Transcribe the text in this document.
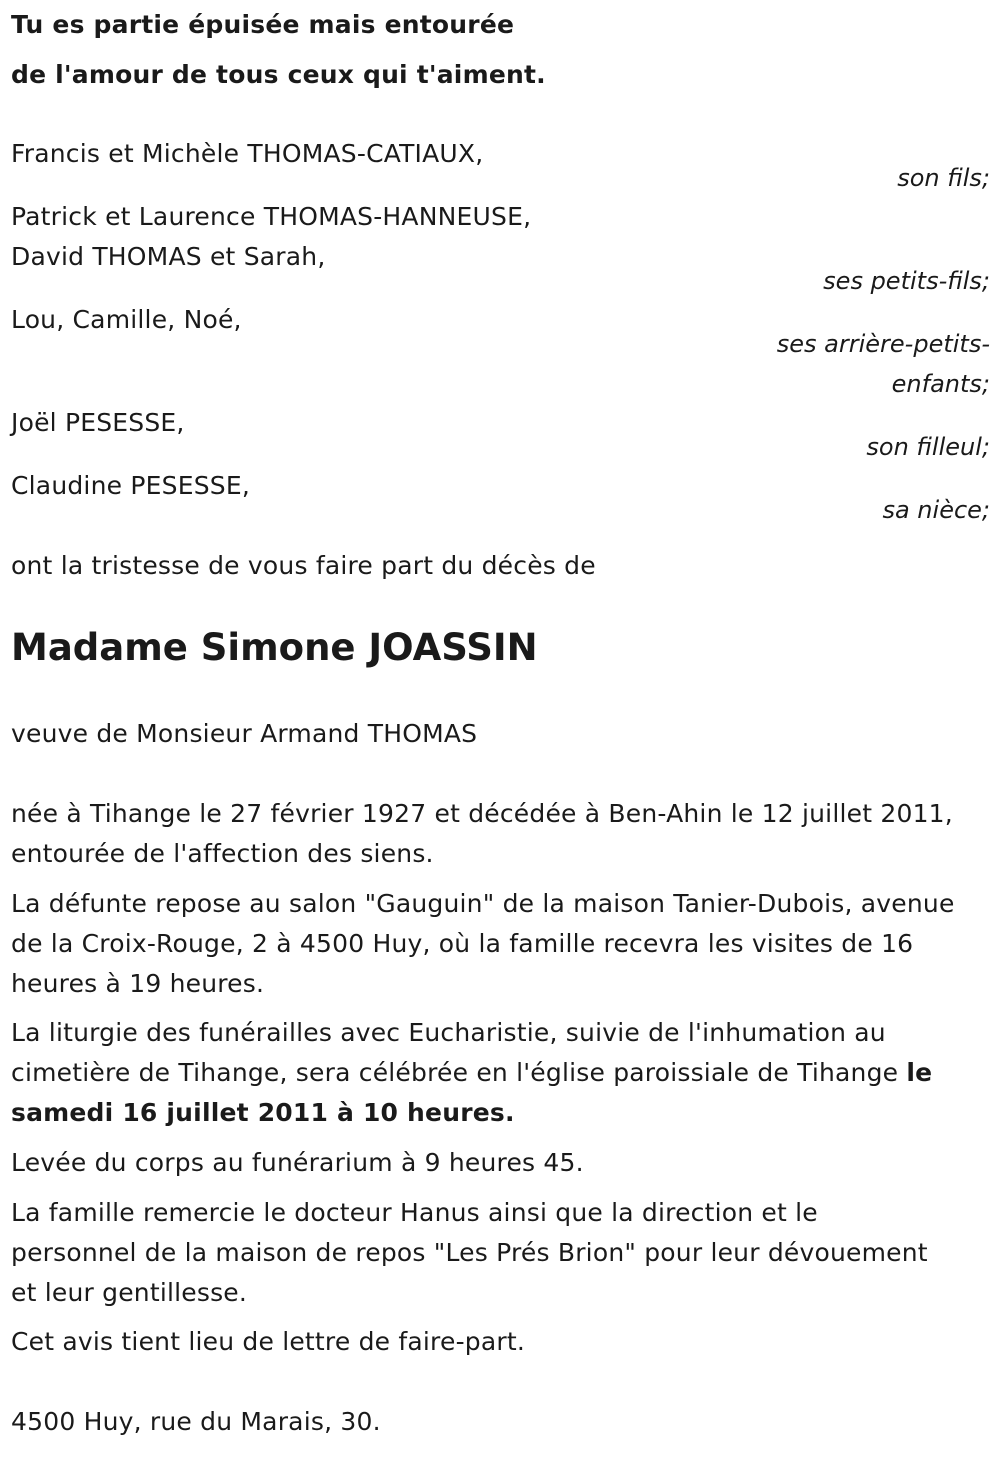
Tu es partie épuisée mais entourée
de l'amour de tous ceux qui t'aiment.
Francis et Michèle THOMAS-CATIAUX,
son fils;
Patrick et Laurence THOMAS-HANNEUSE,
David THOMAS et Sarah,
ses petits-fils;
Lou, Camille, Noé,
ses arrière-petits-
enfants;
Joël PESESSE,
son filleul;
Claudine PESESSE,
sa nièce;
ont la tristesse de vous faire part du décès de
Madame Simone JOASSIN
veuve de Monsieur Armand THOMAS
née à Tihange le 27 février 1927 et décédée à Ben-Ahin le 12 juillet 2011,
entourée de l'affection des siens.
La défunte repose au salon "Gauguin" de la maison Tanier-Dubois, avenue
de la Croix-Rouge, 2 à 4500 Huy, où la famille recevra les visites de 16
heures à 19 heures.
La liturgie des funérailles avec Eucharistie, suivie de l'inhumation au
cimetière de Tihange, sera célébrée en l'église paroissiale de Tihange le
samedi 16 juillet 2011 à 10 heures.
Levée du corps au funérarium à 9 heures 45.
La famille remercie le docteur Hanus ainsi que la direction et le
personnel de la maison de repos "Les Prés Brion" pour leur dévouement
et leur gentillesse.
Cet avis tient lieu de lettre de faire-part.
4500 Huy, rue du Marais, 30.
